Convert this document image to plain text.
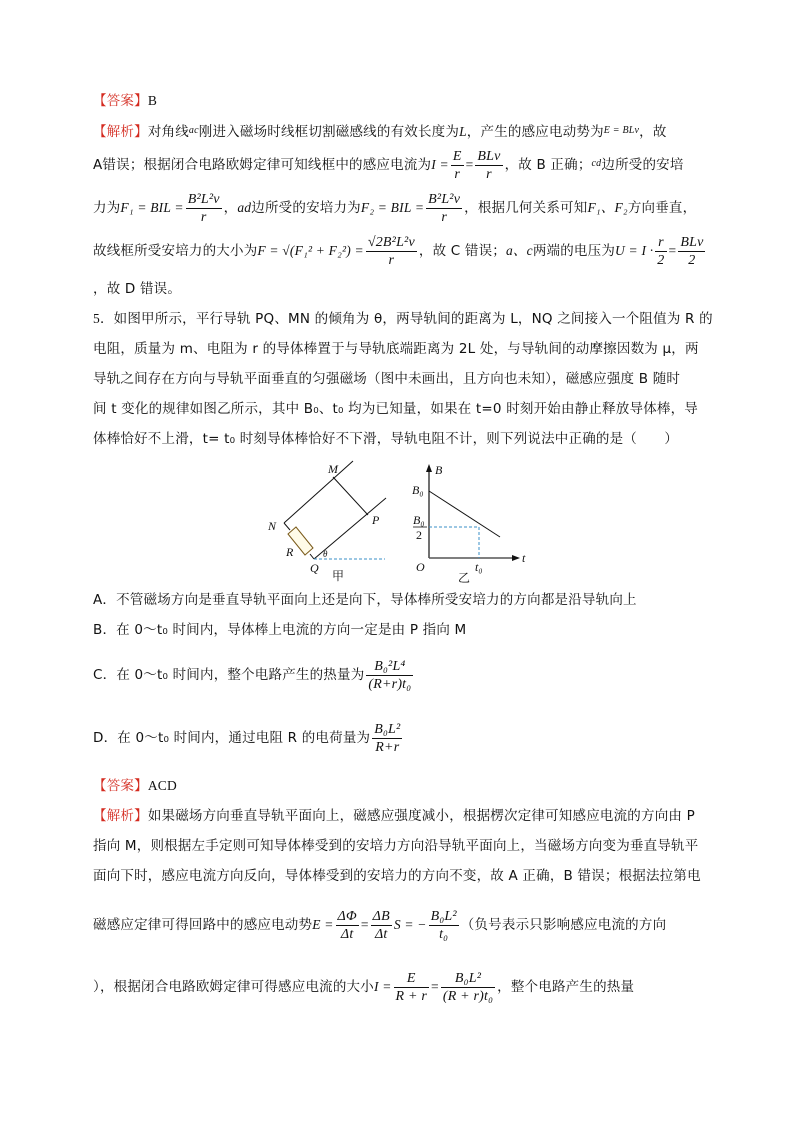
【答案】B
【解析】对角线$^{ac}$刚进入磁场时线框切割磁感线的有效长度为L，产生的感应电动势为$^{E = BLv}$，故
A错误；根据闭合电路欧姆定律可知线框中的感应电流为$I = \frac{E}{r} = \frac{\text{BLv}}{r}$ ，故 B 正确；$^{cd}$边所受的安培
力为F₁ = BIL = $\frac{\text{B²L²v}}{r}$ ，ad边所受的安培力为F₂ = BIL = $\frac{\text{B²L²v}}{r}$ ，根据几何关系可知F₁、F₂方向垂直，
故线框所受安培力的大小为$F = √(F_1^2 + F_2^2) = \frac{\text{√2B²L²v}}{r}$ ，故 C 错误；a、c两端的电压为$U = I \cdot \frac{r}{2} = \frac{\text{BLv}}{2}$
，故 D 错误。
5．如图甲所示，平行导轨 PQ、MN 的倾角为 θ，两导轨间的距离为 L，NQ 之间接入一个阻值为 R 的
电阻，质量为 m、电阻为 r 的导体棒置于与导轨底端距离为 2L 处，与导轨间的动摩擦因数为 μ，两
导轨之间存在方向与导轨平面垂直的匀强磁场（图中未画出，且方向也未知），磁感应强度 B 随时
间 t 变化的规律如图乙所示，其中 B₀、t₀ 均为已知量，如果在 t=0 时刻开始由静止释放导体棒，导
体棒恰好不上滑，t= t₀ 时刻导体棒恰好不下滑，导轨电阻不计，则下列说法中正确的是（　　）
M
N	P
Q
R	θ
甲
B
t
O
B₀
B₀
2
t₀
乙
A．不管磁场方向是垂直导轨平面向上还是向下，导体棒所受安培力的方向都是沿导轨向上
B．在 0～t₀ 时间内，导体棒上电流的方向一定是由 P 指向 M
C．在 0～t₀ 时间内，整个电路产生的热量为 $\frac{\text{B₀²L⁴}}{\text{(R+r)t₀}}$
D．在 0～t₀ 时间内，通过电阻 R 的电荷量为 $\frac{\text{B₀L²}}{R+r}$
【答案】ACD
【解析】如果磁场方向垂直导轨平面向上，磁感应强度减小，根据楞次定律可知感应电流的方向由 P
指向 M，则根据左手定则可知导体棒受到的安培力方向沿导轨平面向上，当磁场方向变为垂直导轨平
面向下时，感应电流方向反向，导体棒受到的安培力的方向不变，故 A 正确，B 错误；根据法拉第电
磁感应定律可得回路中的感应电动势$E = \frac{\Delta\Phi}{\Delta t} = \frac{\Delta B}{\Delta t}$ S = − $\frac{\text{B₀L²}}{\text{t₀}}$ （负号表示只影响感应电流的方向
），根据闭合电路欧姆定律可得感应电流的大小$I = \frac{E}{R + r} = \frac{\text{B₀L²}}{\text{(R + r)t₀}}$ ，整个电路产生的热量
